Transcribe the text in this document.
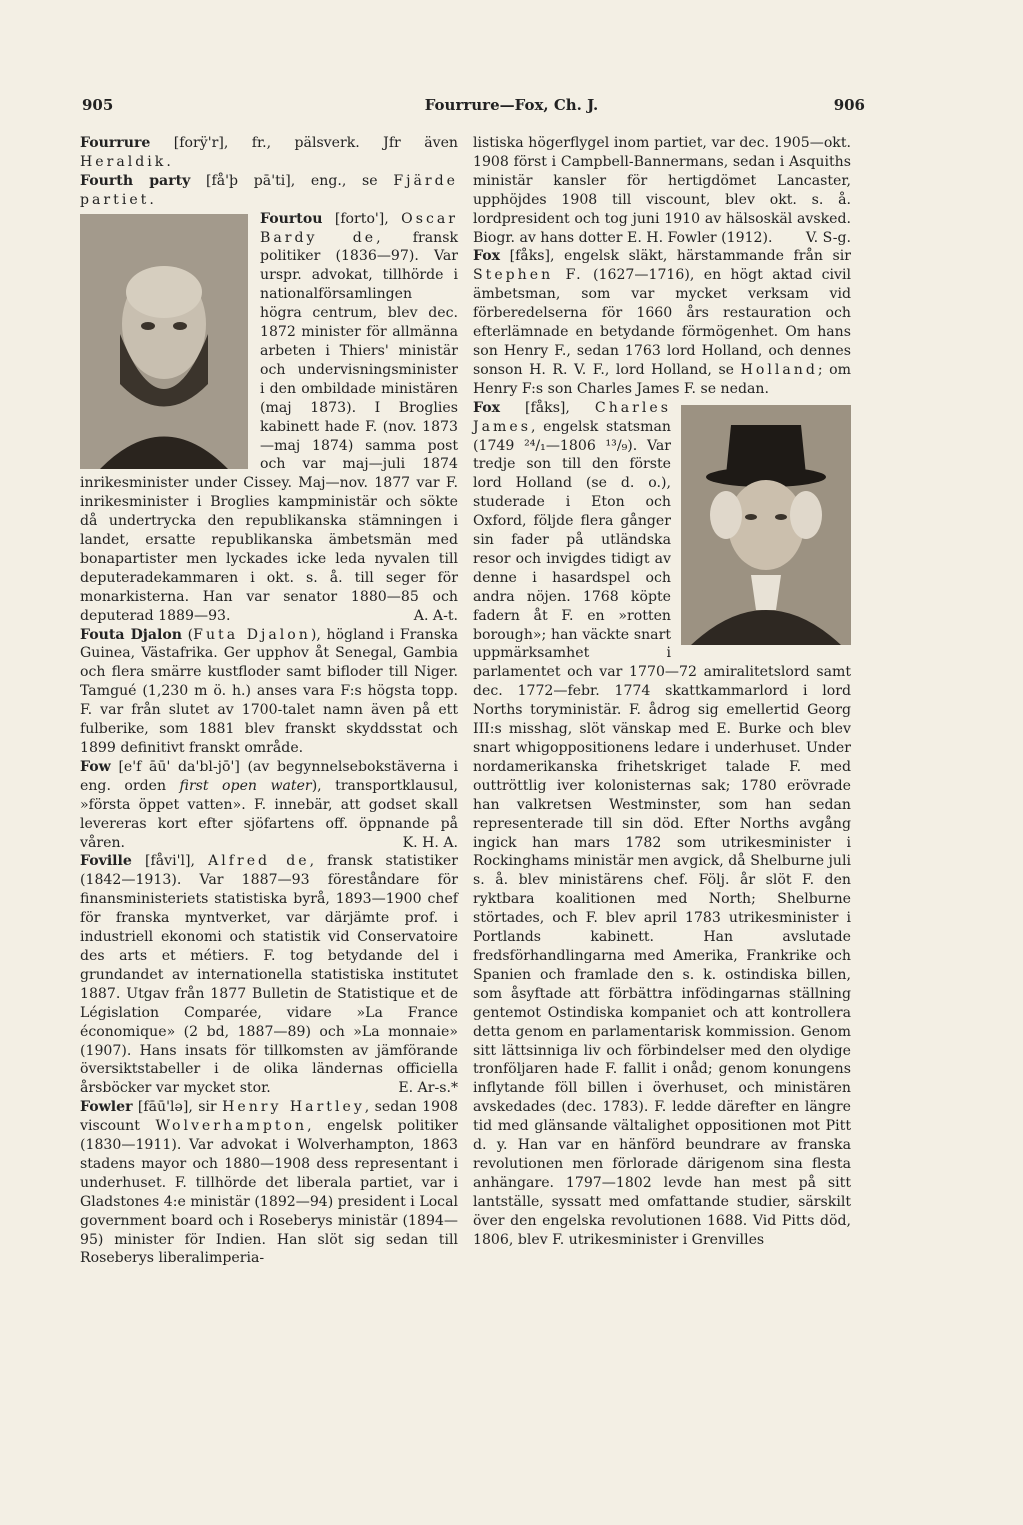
905	Fourrure—Fox, Ch. J.	906

Fourrure [forÿ'r], fr., pälsverk. Jfr även Heraldik.

Fourth party [få'þ pā'ti], eng., se Fjärde partiet.

Fourtou [forto'], Oscar Bardy de, fransk politiker (1836—97). Var urspr. advokat, tillhörde i nationalförsamlingen högra centrum, blev dec. 1872 minister för allmänna arbeten i Thiers' ministär och undervisningsminister i den ombildade ministären (maj 1873). I Broglies kabinett hade F. (nov. 1873—maj 1874) samma post och var maj—juli 1874 inrikesminister under Cissey. Maj—nov. 1877 var F. inrikesminister i Broglies kampministär och sökte då undertrycka den republikanska stämningen i landet, ersatte republikanska ämbetsmän med bonapartister men lyckades icke leda nyvalen till deputeradekammaren i okt. s. å. till seger för monarkisterna. Han var senator 1880—85 och deputerad 1889—93.	A. A-t.

Fouta Djalon (Futa Djalon), högland i Franska Guinea, Västafrika. Ger upphov åt Senegal, Gambia och flera smärre kustfloder samt bifloder till Niger. Tamgué (1,230 m ö. h.) anses vara F:s högsta topp. F. var från slutet av 1700-talet namn även på ett fulberike, som 1881 blev franskt skyddsstat och 1899 definitivt franskt område.

Fow [e'f āū' da'bl-jō'] (av begynnelsebokstäverna i eng. orden first open water), transportklausul, »första öppet vatten». F. innebär, att godset skall levereras kort efter sjöfartens off. öppnande på våren.	K. H. A.

Foville [fåvi'l], Alfred de, fransk statistiker (1842—1913). Var 1887—93 föreståndare för finansministeriets statistiska byrå, 1893—1900 chef för franska myntverket, var därjämte prof. i industriell ekonomi och statistik vid Conservatoire des arts et métiers. F. tog betydande del i grundandet av internationella statistiska institutet 1887. Utgav från 1877 Bulletin de Statistique et de Législation Comparée, vidare »La France économique» (2 bd, 1887—89) och »La monnaie» (1907). Hans insats för tillkomsten av jämförande översiktstabeller i de olika ländernas officiella årsböcker var mycket stor.	E. Ar-s.*

Fowler [fāū'lə], sir Henry Hartley, sedan 1908 viscount Wolverhampton, engelsk politiker (1830—1911). Var advokat i Wolverhampton, 1863 stadens mayor och 1880—1908 dess representant i underhuset. F. tillhörde det liberala partiet, var i Gladstones 4:e ministär (1892—94) president i Local government board och i Roseberys ministär (1894—95) minister för Indien. Han slöt sig sedan till Roseberys liberalimperia-

listiska högerflygel inom partiet, var dec. 1905—okt. 1908 först i Campbell-Bannermans, sedan i Asquiths ministär kansler för hertigdömet Lancaster, upphöjdes 1908 till viscount, blev okt. s. å. lordpresident och tog juni 1910 av hälsoskäl avsked. Biogr. av hans dotter E. H. Fowler (1912). V. S-g.

Fox [fåks], engelsk släkt, härstammande från sir Stephen F. (1627—1716), en högt aktad civil ämbetsman, som var mycket verksam vid förberedelserna för 1660 års restauration och efterlämnade en betydande förmögenhet. Om hans son Henry F., sedan 1763 lord Holland, och dennes sonson H. R. V. F., lord Holland, se Holland; om Henry F:s son Charles James F. se nedan.

Fox [fåks], Charles James, engelsk statsman (1749 ²⁴/₁—1806 ¹³/₉). Var tredje son till den förste lord Holland (se d. o.), studerade i Eton och Oxford, följde flera gånger sin fader på utländska resor och invigdes tidigt av denne i hasardspel och andra nöjen. 1768 köpte fadern åt F. en »rotten borough»; han väckte snart uppmärksamhet i parlamentet och var 1770—72 amiralitetslord samt dec. 1772—febr. 1774 skattkammarlord i lord Norths toryministär. F. ådrog sig emellertid Georg III:s misshag, slöt vänskap med E. Burke och blev snart whigoppositionens ledare i underhuset. Under nordamerikanska frihetskriget talade F. med outtröttlig iver kolonisternas sak; 1780 erövrade han valkretsen Westminster, som han sedan representerade till sin död. Efter Norths avgång ingick han mars 1782 som utrikesminister i Rockinghams ministär men avgick, då Shelburne juli s. å. blev ministärens chef. Följ. år slöt F. den ryktbara koalitionen med North; Shelburne störtades, och F. blev april 1783 utrikesminister i Portlands kabinett. Han avslutade fredsförhandlingarna med Amerika, Frankrike och Spanien och framlade den s. k. ostindiska billen, som åsyftade att förbättra infödingarnas ställning gentemot Ostindiska kompaniet och att kontrollera detta genom en parlamentarisk kommission. Genom sitt lättsinniga liv och förbindelser med den olydige tronföljaren hade F. fallit i onåd; genom konungens inflytande föll billen i överhuset, och ministären avskedades (dec. 1783). F. ledde därefter en längre tid med glänsande vältalighet oppositionen mot Pitt d. y. Han var en hänförd beundrare av franska revolutionen men förlorade därigenom sina flesta anhängare. 1797—1802 levde han mest på sitt lantställe, syssatt med omfattande studier, särskilt över den engelska revolutionen 1688. Vid Pitts död, 1806, blev F. utrikesminister i Grenvilles
